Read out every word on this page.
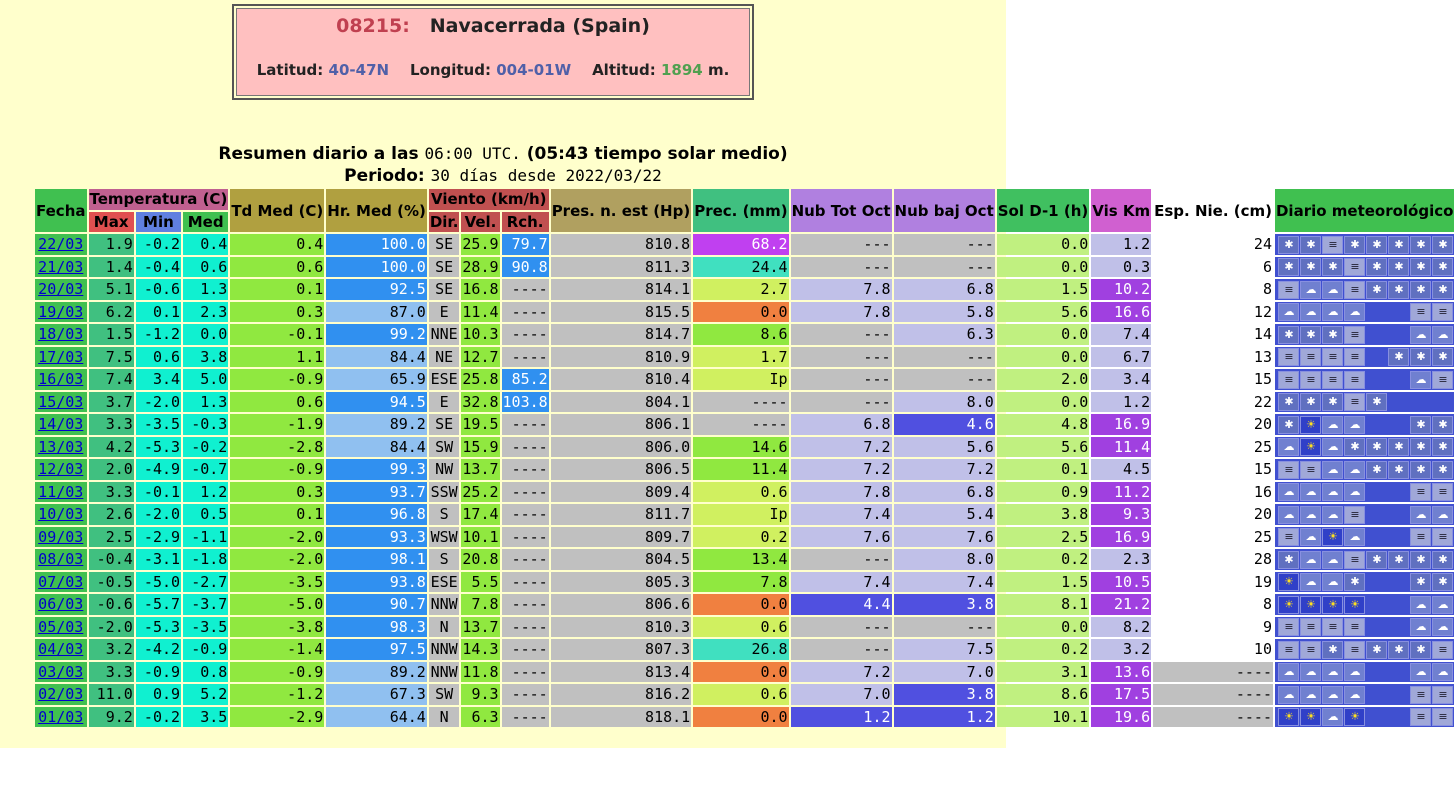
08215: Navacerrada (Spain)
Latitud: 40-47N Longitud: 004-01W Altitud: 1894 m.
Resumen diario a las 06:00 UTC. (05:43 tiempo solar medio)
Periodo: 30 días desde 2022/03/22
Fecha	Temperatura (C)			Td Med (C)	Hr. Med (%)	Viento (km/h)			Pres. n. est (Hp)	Prec. (mm)	Nub Tot Oct	Nub baj Oct	Sol D-1 (h)	Vis Km	Esp. Nie. (cm)	Diario meteorológico
	Max	Min	Med			Dir.	Vel.	Rch.								
22/03	1.9	-0.2	0.4	0.4	100.0	SE	25.9	79.7	810.8	68.2	---	---	0.0	1.2	24	✱ ✱ ≡ ✱ ✱ ✱ ✱ ✱
21/03	1.4	-0.4	0.6	0.6	100.0	SE	28.9	90.8	811.3	24.4	---	---	0.0	0.3	6	✱ ✱ ✱ ≡ ✱ ✱ ✱ ✱
20/03	5.1	-0.6	1.3	0.1	92.5	SE	16.8	----	814.1	2.7	7.8	6.8	1.5	10.2	8	≡ ☁ ☁ ≡ ✱ ✱ ✱ ✱
19/03	6.2	0.1	2.3	0.3	87.0	E	11.4	----	815.5	0.0	7.8	5.8	5.6	16.6	12	☁ ☁ ☁ ☁ ≡ ≡
18/03	1.5	-1.2	0.0	-0.1	99.2	NNE	10.3	----	814.7	8.6	---	6.3	0.0	7.4	14	✱ ✱ ✱ ≡ ☁ ☁
17/03	7.5	0.6	3.8	1.1	84.4	NE	12.7	----	810.9	1.7	---	---	0.0	6.7	13	≡ ≡ ≡ ≡ ✱ ✱ ✱
16/03	7.4	3.4	5.0	-0.9	65.9	ESE	25.8	85.2	810.4	Ip	---	---	2.0	3.4	15	≡ ≡ ≡ ≡ ☁ ≡
15/03	3.7	-2.0	1.3	0.6	94.5	E	32.8	103.8	804.1	----	---	8.0	0.0	1.2	22	✱ ✱ ✱ ≡ ✱
14/03	3.3	-3.5	-0.3	-1.9	89.2	SE	19.5	----	806.1	----	6.8	4.6	4.8	16.9	20	✱ ☀ ☁ ☁ ✱ ✱
13/03	4.2	-5.3	-0.2	-2.8	84.4	SW	15.9	----	806.0	14.6	7.2	5.6	5.6	11.4	25	☁ ☀ ☁ ✱ ✱ ✱ ✱ ✱
12/03	2.0	-4.9	-0.7	-0.9	99.3	NW	13.7	----	806.5	11.4	7.2	7.2	0.1	4.5	15	≡ ≡ ☁ ☁ ✱ ✱ ✱ ✱
11/03	3.3	-0.1	1.2	0.3	93.7	SSW	25.2	----	809.4	0.6	7.8	6.8	0.9	11.2	16	☁ ☁ ☁ ☁ ≡ ≡
10/03	2.6	-2.0	0.5	0.1	96.8	S	17.4	----	811.7	Ip	7.4	5.4	3.8	9.3	20	☁ ☁ ☁ ≡ ☁ ☁
09/03	2.5	-2.9	-1.1	-2.0	93.3	WSW	10.1	----	809.7	0.2	7.6	7.6	2.5	16.9	25	≡ ☁ ☀ ☁ ≡ ≡
08/03	-0.4	-3.1	-1.8	-2.0	98.1	S	20.8	----	804.5	13.4	---	8.0	0.2	2.3	28	✱ ☁ ☁ ≡ ✱ ✱ ✱ ✱
07/03	-0.5	-5.0	-2.7	-3.5	93.8	ESE	5.5	----	805.3	7.8	7.4	7.4	1.5	10.5	19	☀ ☁ ☁ ✱ ✱ ✱
06/03	-0.6	-5.7	-3.7	-5.0	90.7	NNW	7.8	----	806.6	0.0	4.4	3.8	8.1	21.2	8	☀ ☀ ☀ ☀ ☁ ☁
05/03	-2.0	-5.3	-3.5	-3.8	98.3	N	13.7	----	810.3	0.6	---	---	0.0	8.2	9	≡ ≡ ≡ ≡ ☁ ☁
04/03	3.2	-4.2	-0.9	-1.4	97.5	NNW	14.3	----	807.3	26.8	---	7.5	0.2	3.2	10	≡ ≡ ✱ ≡ ✱ ✱ ✱ ≡
03/03	3.3	-0.9	0.8	-0.9	89.2	NNW	11.8	----	813.4	0.0	7.2	7.0	3.1	13.6	----	☁ ☁ ☁ ☁ ☁ ☁
02/03	11.0	0.9	5.2	-1.2	67.3	SW	9.3	----	816.2	0.6	7.0	3.8	8.6	17.5	----	☁ ☁ ☁ ☁ ≡ ≡
01/03	9.2	-0.2	3.5	-2.9	64.4	N	6.3	----	818.1	0.0	1.2	1.2	10.1	19.6	----	☀ ☀ ☁ ☀ ≡ ≡
